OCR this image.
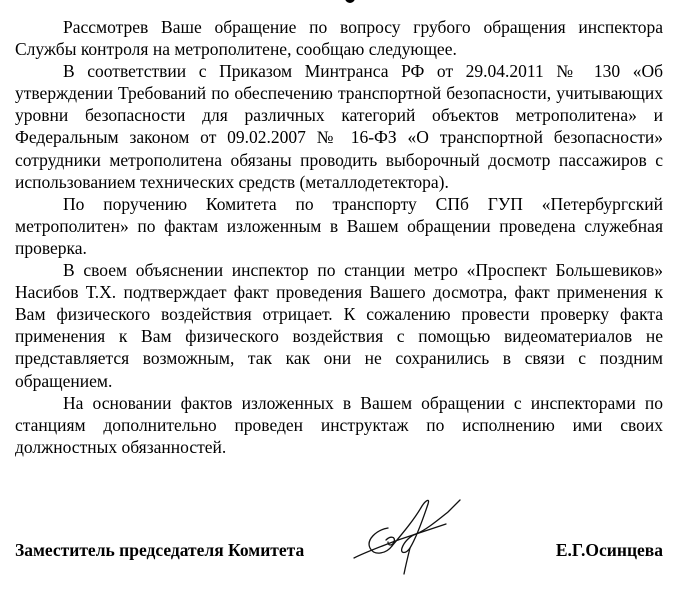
Рассмотрев Ваше обращение по вопросу грубого обращения инспектора Службы контроля на метрополитене, сообщаю следующее.

В соответствии с Приказом Минтранса РФ от 29.04.2011 № 130 «Об утверждении Требований по обеспечению транспортной безопасности, учитывающих уровни безопасности для различных категорий объектов метрополитена» и Федеральным законом от 09.02.2007 № 16-ФЗ «О транспортной безопасности» сотрудники метрополитена обязаны проводить выборочный досмотр пассажиров с использованием технических средств (металлодетектора).

По поручению Комитета по транспорту СПб ГУП «Петербургский метрополитен» по фактам изложенным в Вашем обращении проведена служебная проверка.

В своем объяснении инспектор по станции метро «Проспект Большевиков» Насибов Т.Х. подтверждает факт проведения Вашего досмотра, факт применения к Вам физического воздействия отрицает. К сожалению провести проверку факта применения к Вам физического воздействия с помощью видеоматериалов не представляется возможным, так как они не сохранились в связи с поздним обращением.

На основании фактов изложенных в Вашем обращении с инспекторами по станциям дополнительно проведен инструктаж по исполнению ими своих должностных обязанностей.

Заместитель председателя Комитета	Е.Г.Осинцева
